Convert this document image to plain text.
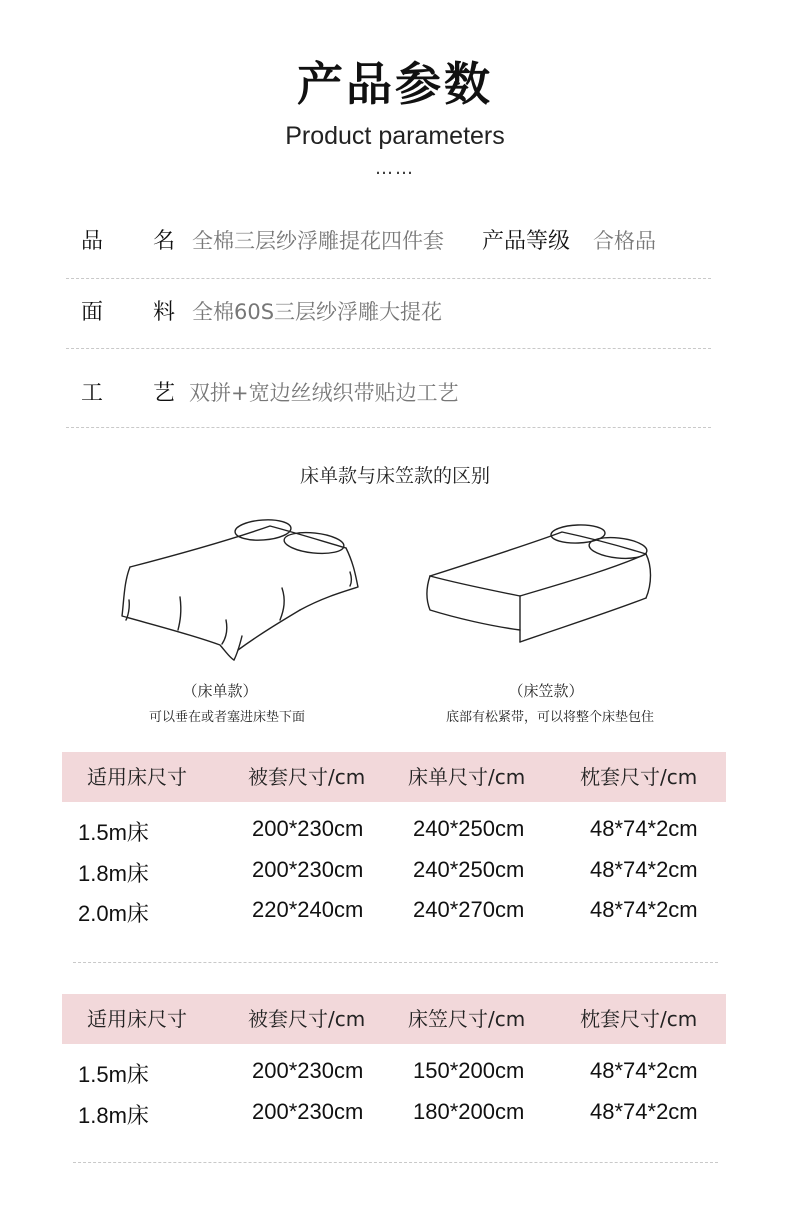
产品参数
Product parameters
……
品 名 全棉三层纱浮雕提花四件套 产品等级 合格品
面 料 全棉60S三层纱浮雕大提花
工 艺 双拼+宽边丝绒织带贴边工艺
床单款与床笠款的区别
（床单款）
可以垂在或者塞进床垫下面
（床笠款）
底部有松紧带，可以将整个床垫包住
适用床尺寸	被套尺寸/cm 床单尺寸/cm	枕套尺寸/cm
1.5m床	200*230cm 240*250cm	48*74*2cm
1.8m床	200*230cm 240*250cm	48*74*2cm
2.0m床	220*240cm 240*270cm	48*74*2cm
适用床尺寸	被套尺寸/cm 床笠尺寸/cm	枕套尺寸/cm
1.5m床	200*230cm 150*200cm	48*74*2cm
1.8m床	200*230cm 180*200cm	48*74*2cm
